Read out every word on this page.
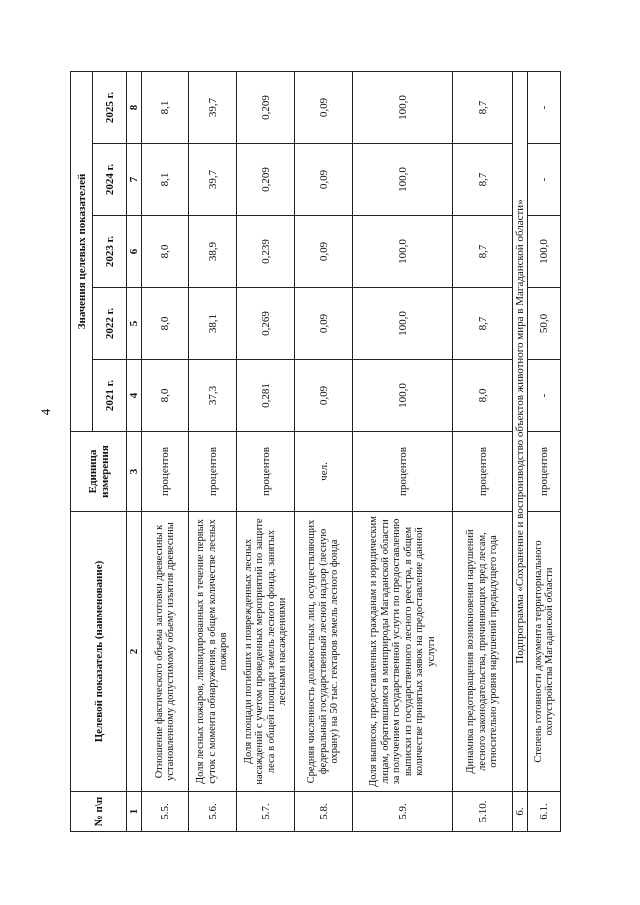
4
№ п\п	Целевой показатель (наименование)	Единица измерения	Значения целевых показателей				
			2021 г.	2022 г.	2023 г.	2024 г.	2025 г.
1	2	3	4	5	6	7	8
5.5.	Отношение фактического объема заготовки древесины к установленному допустимому объему изъятия древесины	процентов	8,0	8,0	8,0	8,1	8,1
5.6.	Доля лесных пожаров, ликвидированных в течение первых суток с момента обнаружения, в общем количестве лесных пожаров	процентов	37,3	38,1	38,9	39,7	39,7
5.7.	Доля площади погибших и поврежденных лесных насаждений с учетом проведенных мероприятий по защите леса в общей площади земель лесного фонда, занятых лесными насаждениями	процентов	0,281	0,269	0,239	0,209	0,209
5.8.	Средняя численность должностных лиц, осуществляющих федеральный государственный лесной надзор (лесную охрану) на 50 тыс. гектаров земель лесного фонда	чел.	0,09	0,09	0,09	0,09	0,09
5.9.	Доля выписок, предоставленных гражданам и юридическим лицам, обратившимся в минприроды Магаданской области за получением государственной услуги по предоставлению выписки из государственного лесного реестра, в общем количестве принятых заявок на предоставление данной услуги	процентов	100,0	100,0	100,0	100,0	100,0
5.10.	Динамика предотвращения возникновения нарушений лесного законодательства, причиняющих вред лесам, относительно уровня нарушений предыдущего года	процентов	8,0	8,7	8,7	8,7	8,7
6.	Подпрограмма «Сохранение и воспроизводство объектов животного мира в Магаданской области»						
6.1.	Степень готовности документа территориального охотустройства Магаданской области	процентов	-	50,0	100,0	-	-
